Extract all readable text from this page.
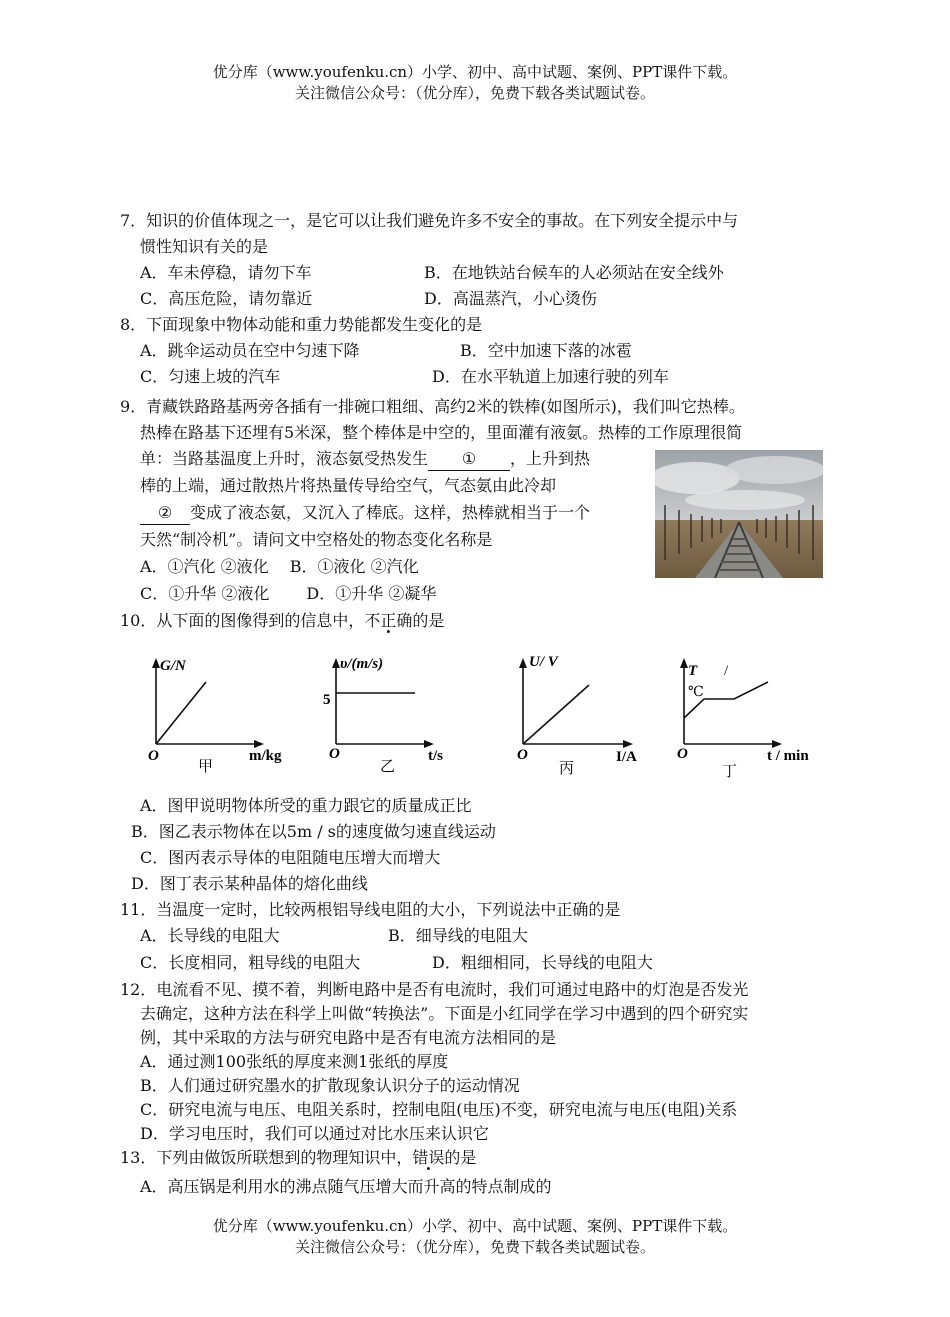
优分库（www.youfenku.cn）小学、初中、高中试题、案例、PPT课件下载。
关注微信公众号：（优分库），免费下载各类试题试卷。
7．知识的价值体现之一，是它可以让我们避免许多不安全的事故。在下列安全提示中与
惯性知识有关的是
A．车未停稳，请勿下车	B．在地铁站台候车的人必须站在安全线外
C．高压危险，请勿靠近	D．高温蒸汽，小心烫伤
8．下面现象中物体动能和重力势能都发生变化的是
A．跳伞运动员在空中匀速下降	B．空中加速下落的冰雹
C．匀速上坡的汽车	D．在水平轨道上加速行驶的列车
9．青藏铁路路基两旁各插有一排碗口粗细、高约2米的铁棒(如图所示)，我们叫它热棒。
热棒在路基下还埋有5米深，整个棒体是中空的，里面灌有液氨。热棒的工作原理很简
单：当路基温度上升时，液态氨受热发生 ① ，上升到热
棒的上端，通过散热片将热量传导给空气，气态氨由此冷却
② 变成了液态氨，又沉入了棒底。这样，热棒就相当于一个
天然“制冷机”。请问文中空格处的物态变化名称是
A．①汽化 ②液化　 B．①液化 ②汽化
C．①升华 ②液化　　 D．①升华 ②凝华
10．从下面的图像得到的信息中，不正确的是
G/N
m/kg
O
甲
υ/(m/s)
5
t/s
O
乙
U/ V
I/A
O
丙
T /
℃
t / min
O
丁
A．图甲说明物体所受的重力跟它的质量成正比
B．图乙表示物体在以5m / s的速度做匀速直线运动
C．图丙表示导体的电阻随电压增大而增大
D．图丁表示某种晶体的熔化曲线
11．当温度一定时，比较两根铝导线电阻的大小，下列说法中正确的是
A．长导线的电阻大	B．细导线的电阻大
C．长度相同，粗导线的电阻大	D．粗细相同，长导线的电阻大
12．电流看不见、摸不着，判断电路中是否有电流时，我们可通过电路中的灯泡是否发光
去确定，这种方法在科学上叫做“转换法”。下面是小红同学在学习中遇到的四个研究实
例，其中采取的方法与研究电路中是否有电流方法相同的是
A．通过测100张纸的厚度来测1张纸的厚度
B．人们通过研究墨水的扩散现象认识分子的运动情况
C．研究电流与电压、电阻关系时，控制电阻(电压)不变，研究电流与电压(电阻)关系
D．学习电压时，我们可以通过对比水压来认识它
13．下列由做饭所联想到的物理知识中，错误的是
A．高压锅是利用水的沸点随气压增大而升高的特点制成的
优分库（www.youfenku.cn）小学、初中、高中试题、案例、PPT课件下载。
关注微信公众号：（优分库），免费下载各类试题试卷。
